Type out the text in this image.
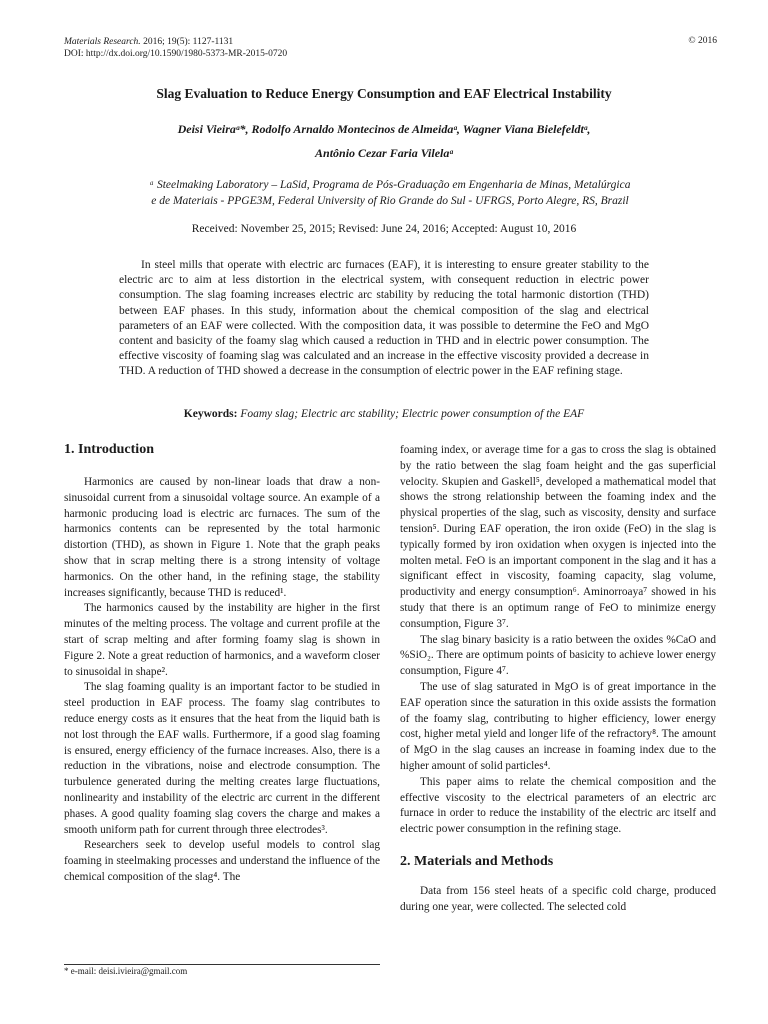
Materials Research. 2016; 19(5): 1127-1131
DOI: http://dx.doi.org/10.1590/1980-5373-MR-2015-0720
© 2016
Slag Evaluation to Reduce Energy Consumption and EAF Electrical Instability
Deisi Vieiraᵃ*, Rodolfo Arnaldo Montecinos de Almeidaᵃ, Wagner Viana Bielefeldtᵃ,
Antônio Cezar Faria Vilelaᵃ
ᵃ Steelmaking Laboratory – LaSid, Programa de Pós-Graduação em Engenharia de Minas, Metalúrgica
e de Materiais - PPGE3M, Federal University of Rio Grande do Sul - UFRGS, Porto Alegre, RS, Brazil
Received: November 25, 2015; Revised: June 24, 2016; Accepted: August 10, 2016

In steel mills that operate with electric arc furnaces (EAF), it is interesting to ensure greater stability to the electric arc to aim at less distortion in the electrical system, with consequent reduction in electric power consumption. The slag foaming increases electric arc stability by reducing the total harmonic distortion (THD) between EAF phases. In this study, information about the chemical composition of the slag and electrical parameters of an EAF were collected. With the composition data, it was possible to determine the FeO and MgO content and basicity of the foamy slag which caused a reduction in THD and in electric power consumption. The effective viscosity of foaming slag was calculated and an increase in the effective viscosity provided a decrease in THD. A reduction of THD showed a decrease in the consumption of electric power in the EAF refining stage.

Keywords: Foamy slag; Electric arc stability; Electric power consumption of the EAF
1. Introduction

Harmonics are caused by non-linear loads that draw a non-sinusoidal current from a sinusoidal voltage source. An example of a harmonic producing load is electric arc furnaces. The sum of the harmonics contents can be represented by the total harmonic distortion (THD), as shown in Figure 1. Note that the graph peaks show that in scrap melting there is a strong intensity of voltage harmonics. On the other hand, in the refining stage, the stability increases significantly, because THD is reduced¹.

The harmonics caused by the instability are higher in the first minutes of the melting process. The voltage and current profile at the start of scrap melting and after forming foamy slag is shown in Figure 2. Note a great reduction of harmonics, and a waveform closer to sinusoidal in shape².

The slag foaming quality is an important factor to be studied in steel production in EAF process. The foamy slag contributes to reduce energy costs as it ensures that the heat from the liquid bath is not lost through the EAF walls. Furthermore, if a good slag foaming is ensured, energy efficiency of the furnace increases. Also, there is a reduction in the vibrations, noise and electrode consumption. The turbulence generated during the melting creates large fluctuations, nonlinearity and instability of the electric arc current in the different phases. A good quality foaming slag covers the charge and makes a smooth uniform path for current through three electrodes³.

Researchers seek to develop useful models to control slag foaming in steelmaking processes and understand the influence of the chemical composition of the slag⁴. The

foaming index, or average time for a gas to cross the slag is obtained by the ratio between the slag foam height and the gas superficial velocity. Skupien and Gaskell⁵, developed a mathematical model that shows the strong relationship between the foaming index and the physical properties of the slag, such as viscosity, density and surface tension⁵. During EAF operation, the iron oxide (FeO) in the slag is typically formed by iron oxidation when oxygen is injected into the molten metal. FeO is an important component in the slag and it has a significant effect in viscosity, foaming capacity, slag volume, productivity and energy consumption⁶. Aminorroaya⁷ showed in his study that there is an optimum range of FeO to minimize energy consumption, Figure 3⁷.

The slag binary basicity is a ratio between the oxides %CaO and %SiO₂. There are optimum points of basicity to achieve lower energy consumption, Figure 4⁷.

The use of slag saturated in MgO is of great importance in the EAF operation since the saturation in this oxide assists the formation of the foamy slag, contributing to higher efficiency, lower energy cost, higher metal yield and longer life of the refractory⁸. The amount of MgO in the slag causes an increase in foaming index due to the higher amount of solid particles⁴.

This paper aims to relate the chemical composition and the effective viscosity to the electrical parameters of an electric arc furnace in order to reduce the instability of the electric arc itself and electric power consumption in the refining stage.

2. Materials and Methods

Data from 156 steel heats of a specific cold charge, produced during one year, were collected. The selected cold

* e-mail: deisi.ivieira@gmail.com
